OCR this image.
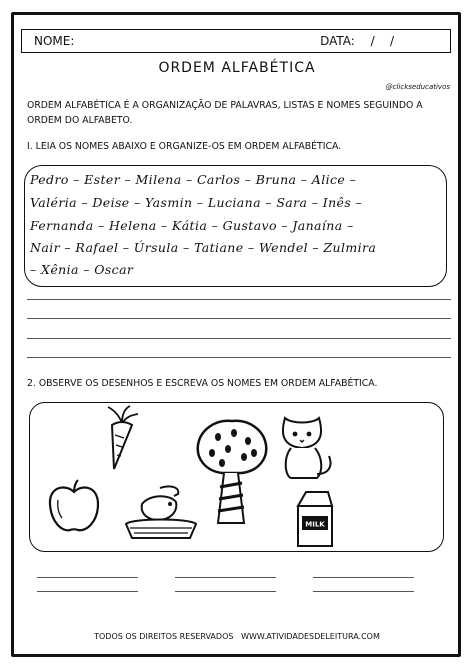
NOME:	DATA: /    /
ORDEM ALFABÉTICA
@clickseducativos
ORDEM ALFABÉTICA É A ORGANIZAÇÃO DE PALAVRAS, LISTAS E NOMES SEGUINDO A ORDEM DO ALFABETO.
I. LEIA OS NOMES ABAIXO E ORGANIZE-OS EM ORDEM ALFABÉTICA.
Pedro – Ester – Milena – Carlos – Bruna – Alice –
Valéria – Deise – Yasmin – Luciana – Sara – Inês –
Fernanda – Helena – Kátia – Gustavo – Janaína –
Nair – Rafael – Úrsula – Tatiane – Wendel – Zulmira
– Xênia – Oscar
2. OBSERVE OS DESENHOS E ESCREVA OS NOMES EM ORDEM ALFABÉTICA.
MILK
TODOS OS DIREITOS RESERVADOS   WWW.ATIVIDADESDELEITURA.COM
